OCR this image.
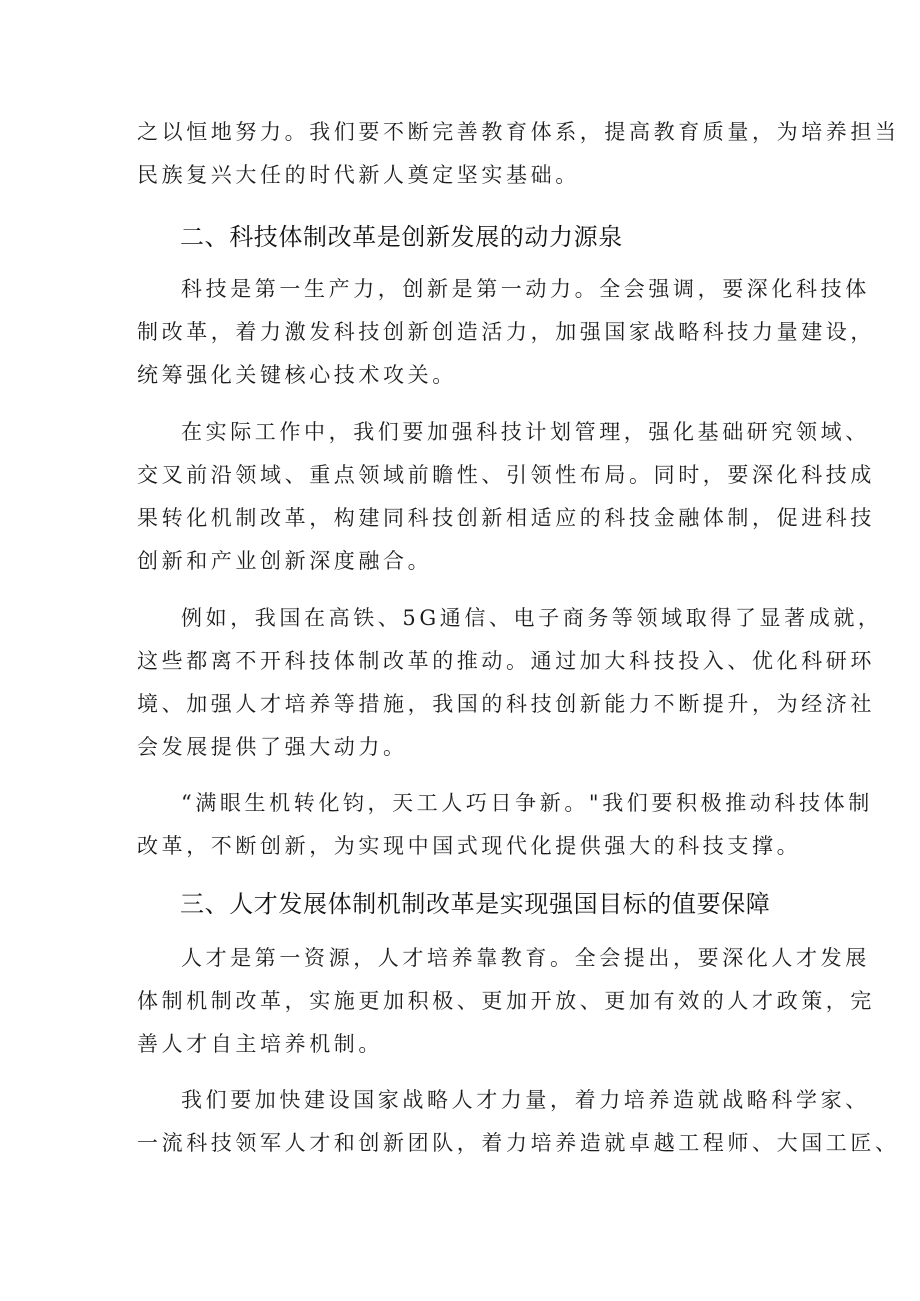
之以恒地努力。我们要不断完善教育体系，提高教育质量，为培养担当
民族复兴大任的时代新人奠定坚实基础。
二、科技体制改革是创新发展的动力源泉
科技是第一生产力，创新是第一动力。全会强调，要深化科技体
制改革，着力激发科技创新创造活力，加强国家战略科技力量建设，
统筹强化关键核心技术攻关。
在实际工作中，我们要加强科技计划管理，强化基础研究领域、
交叉前沿领域、重点领域前瞻性、引领性布局。同时，要深化科技成
果转化机制改革，构建同科技创新相适应的科技金融体制，促进科技
创新和产业创新深度融合。
例如，我国在高铁、5G通信、电子商务等领域取得了显著成就，
这些都离不开科技体制改革的推动。通过加大科技投入、优化科研环
境、加强人才培养等措施，我国的科技创新能力不断提升，为经济社
会发展提供了强大动力。
“满眼生机转化钧，天工人巧日争新。"我们要积极推动科技体制
改革，不断创新，为实现中国式现代化提供强大的科技支撑。
三、人才发展体制机制改革是实现强国目标的值要保障
人才是第一资源，人才培养靠教育。全会提出，要深化人才发展
体制机制改革，实施更加积极、更加开放、更加有效的人才政策，完
善人才自主培养机制。
我们要加快建设国家战略人才力量，着力培养造就战略科学家、
一流科技领军人才和创新团队，着力培养造就卓越工程师、大国工匠、
